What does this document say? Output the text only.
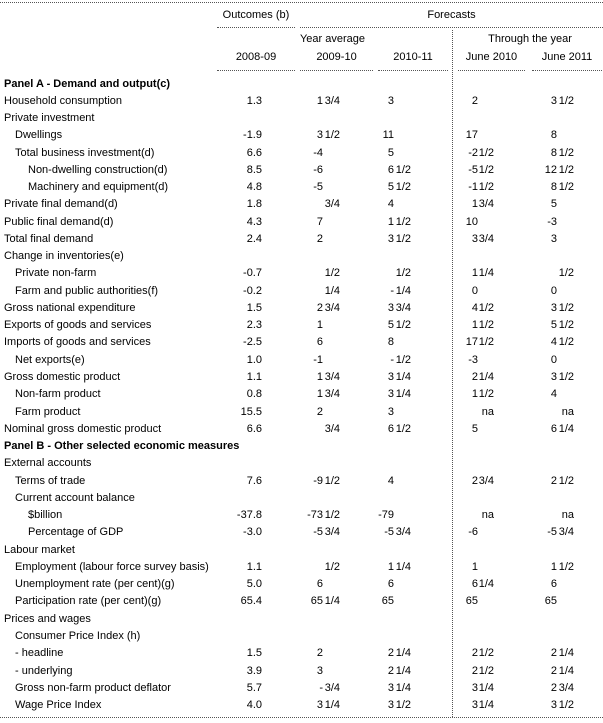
Outcomes (b)	Forecasts
Year average	Through the year
2008-09	2009-10	2010-11	June 2010	June 2011
Panel A - Demand and output(c)
Household consumption	1.3	1 3/4	3	2	3 1/2
Private investment
Dwellings	-1.9	3 1/2	11	17	8
Total business investment(d)	6.6	-4	5	-2 1/2	8 1/2
Non-dwelling construction(d)	8.5	-6	6 1/2	-5 1/2	12 1/2
Machinery and equipment(d)	4.8	-5	5 1/2	-1 1/2	8 1/2
Private final demand(d)	1.8	3/4	4	1 3/4	5
Public final demand(d)	4.3	7	1 1/2	10	-3
Total final demand	2.4	2	3 1/2	3 3/4	3
Change in inventories(e)
Private non-farm	-0.7	1/2	1/2	1 1/4	1/2
Farm and public authorities(f)	-0.2	1/4	- 1/4	0	0
Gross national expenditure	1.5	2 3/4	3 3/4	4 1/2	3 1/2
Exports of goods and services	2.3	1	5 1/2	1 1/2	5 1/2
Imports of goods and services	-2.5	6	8	17 1/2	4 1/2
Net exports(e)	1.0	-1	- 1/2	-3	0
Gross domestic product	1.1	1 3/4	3 1/4	2 1/4	3 1/2
Non-farm product	0.8	1 3/4	3 1/4	1 1/2	4
Farm product	15.5	2	3	na	na
Nominal gross domestic product	6.6	3/4	6 1/2	5	6 1/4
Panel B - Other selected economic measures
External accounts
Terms of trade	7.6	-9 1/2	4	2 3/4	2 1/2
Current account balance
$billion	-37.8	-73 1/2	-79	na	na
Percentage of GDP	-3.0	-5 3/4	-5 3/4	-6	-5 3/4
Labour market
Employment (labour force survey basis)	1.1	1/2	1 1/4	1	1 1/2
Unemployment rate (per cent)(g)	5.0	6	6	6 1/4	6
Participation rate (per cent)(g)	65.4	65 1/4	65	65	65
Prices and wages
Consumer Price Index (h)
- headline	1.5	2	2 1/4	2 1/2	2 1/4
- underlying	3.9	3	2 1/4	2 1/2	2 1/4
Gross non-farm product deflator	5.7	- 3/4	3 1/4	3 1/4	2 3/4
Wage Price Index	4.0	3 1/4	3 1/2	3 1/4	3 1/2
